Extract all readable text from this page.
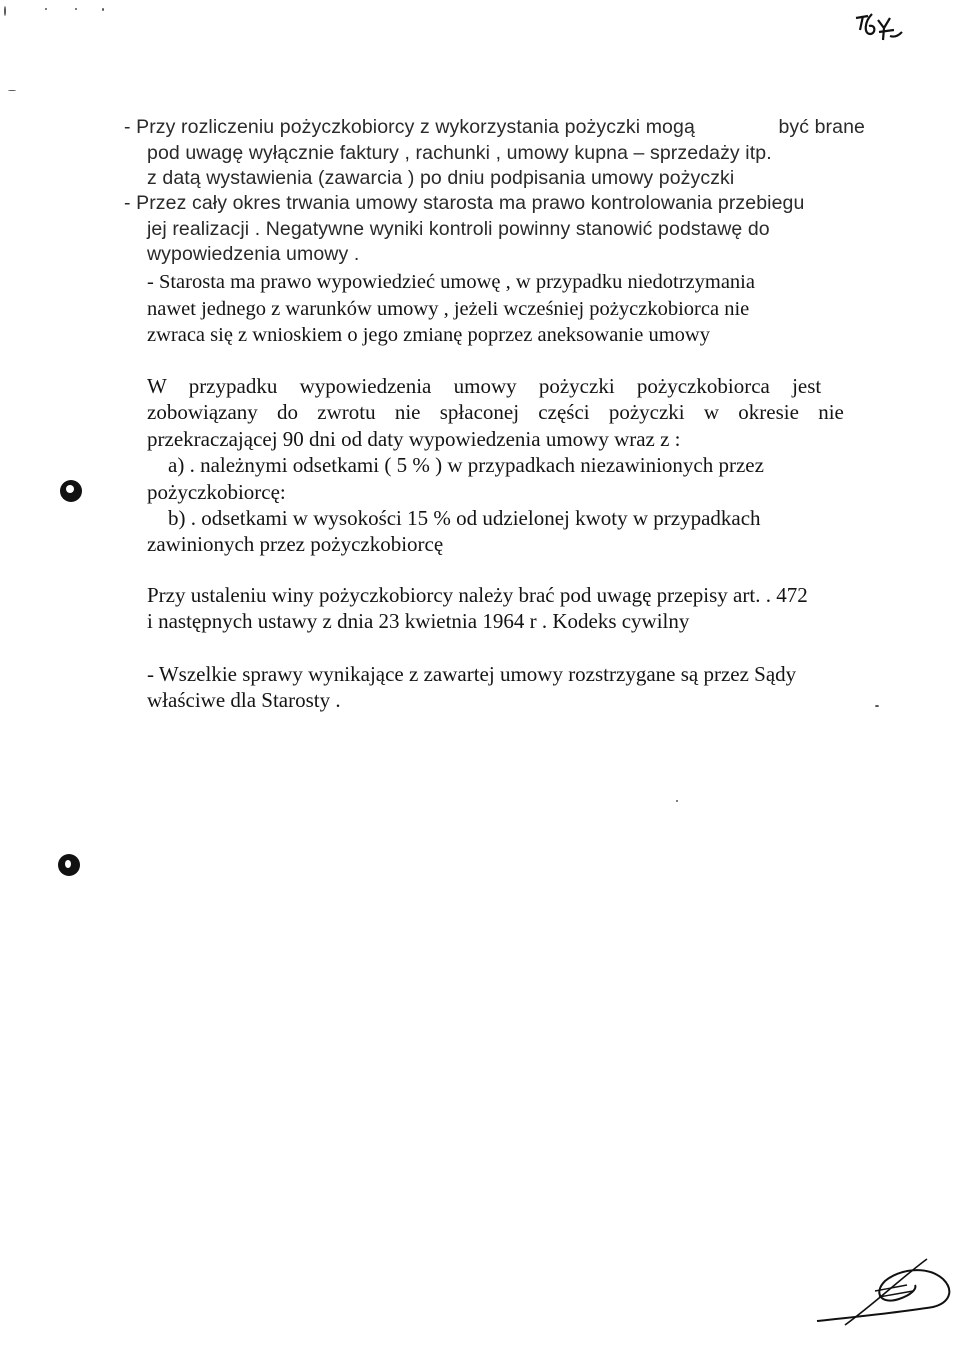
- Przy rozliczeniu pożyczkobiorcy z wykorzystania pożyczki mogą	być brane
pod uwagę wyłącznie faktury , rachunki , umowy kupna – sprzedaży itp.
z datą wystawienia (zawarcia ) po dniu podpisania umowy pożyczki
- Przez cały okres trwania umowy starosta ma prawo kontrolowania przebiegu
jej realizacji . Negatywne wyniki kontroli powinny stanowić podstawę do
wypowiedzenia umowy .
- Starosta ma prawo wypowiedzieć umowę , w przypadku niedotrzymania
nawet jednego z warunków umowy , jeżeli wcześniej pożyczkobiorca nie
zwraca się z wnioskiem o jego zmianę poprzez aneksowanie umowy
W przypadku wypowiedzenia umowy pożyczki pożyczkobiorca jest
zobowiązany do zwrotu nie spłaconej części pożyczki w okresie nie
przekraczającej 90 dni od daty wypowiedzenia umowy wraz z :
a) . należnymi odsetkami ( 5 % ) w przypadkach niezawinionych przez
pożyczkobiorcę:
b) . odsetkami w wysokości 15 % od udzielonej kwoty w przypadkach
zawinionych przez pożyczkobiorcę
Przy ustaleniu winy pożyczkobiorcy należy brać pod uwagę przepisy art. . 472
i następnych ustawy z dnia 23 kwietnia 1964 r . Kodeks cywilny
- Wszelkie sprawy wynikające z zawartej umowy rozstrzygane są przez Sądy
właściwe dla Starosty .
